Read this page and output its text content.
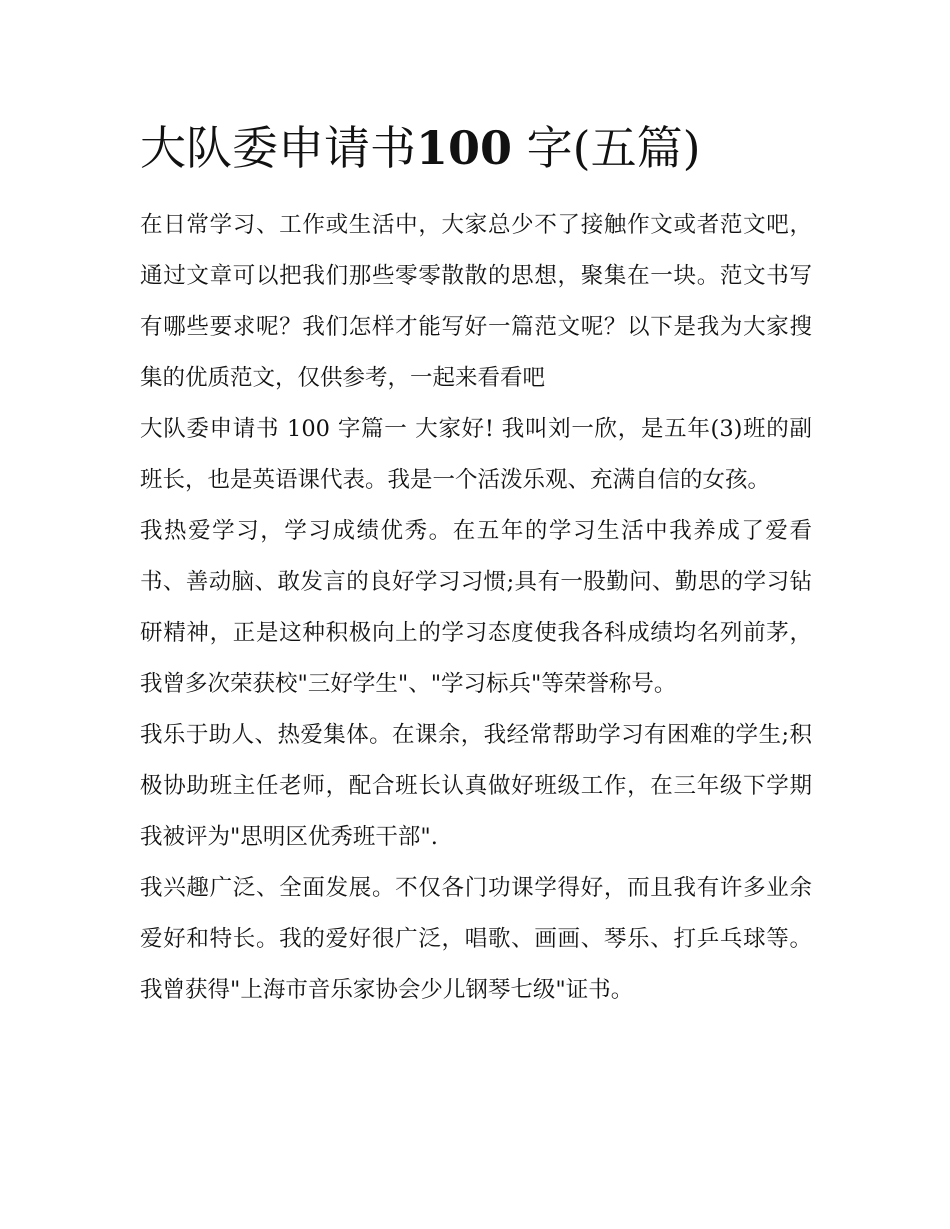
大队委申请书100 字(五篇)

在日常学习、工作或生活中，大家总少不了接触作文或者范文吧，通过文章可以把我们那些零零散散的思想，聚集在一块。范文书写有哪些要求呢？我们怎样才能写好一篇范文呢？以下是我为大家搜集的优质范文，仅供参考，一起来看看吧

大队委申请书 100 字篇一 大家好! 我叫刘一欣，是五年(3)班的副班长，也是英语课代表。我是一个活泼乐观、充满自信的女孩。

我热爱学习，学习成绩优秀。在五年的学习生活中我养成了爱看书、善动脑、敢发言的良好学习习惯;具有一股勤问、勤思的学习钻研精神，正是这种积极向上的学习态度使我各科成绩均名列前茅，我曾多次荣获校"三好学生"、"学习标兵"等荣誉称号。

我乐于助人、热爱集体。在课余，我经常帮助学习有困难的学生;积极协助班主任老师，配合班长认真做好班级工作，在三年级下学期我被评为"思明区优秀班干部".

我兴趣广泛、全面发展。不仅各门功课学得好，而且我有许多业余爱好和特长。我的爱好很广泛，唱歌、画画、琴乐、打乒乓球等。我曾获得"上海市音乐家协会少儿钢琴七级"证书。
